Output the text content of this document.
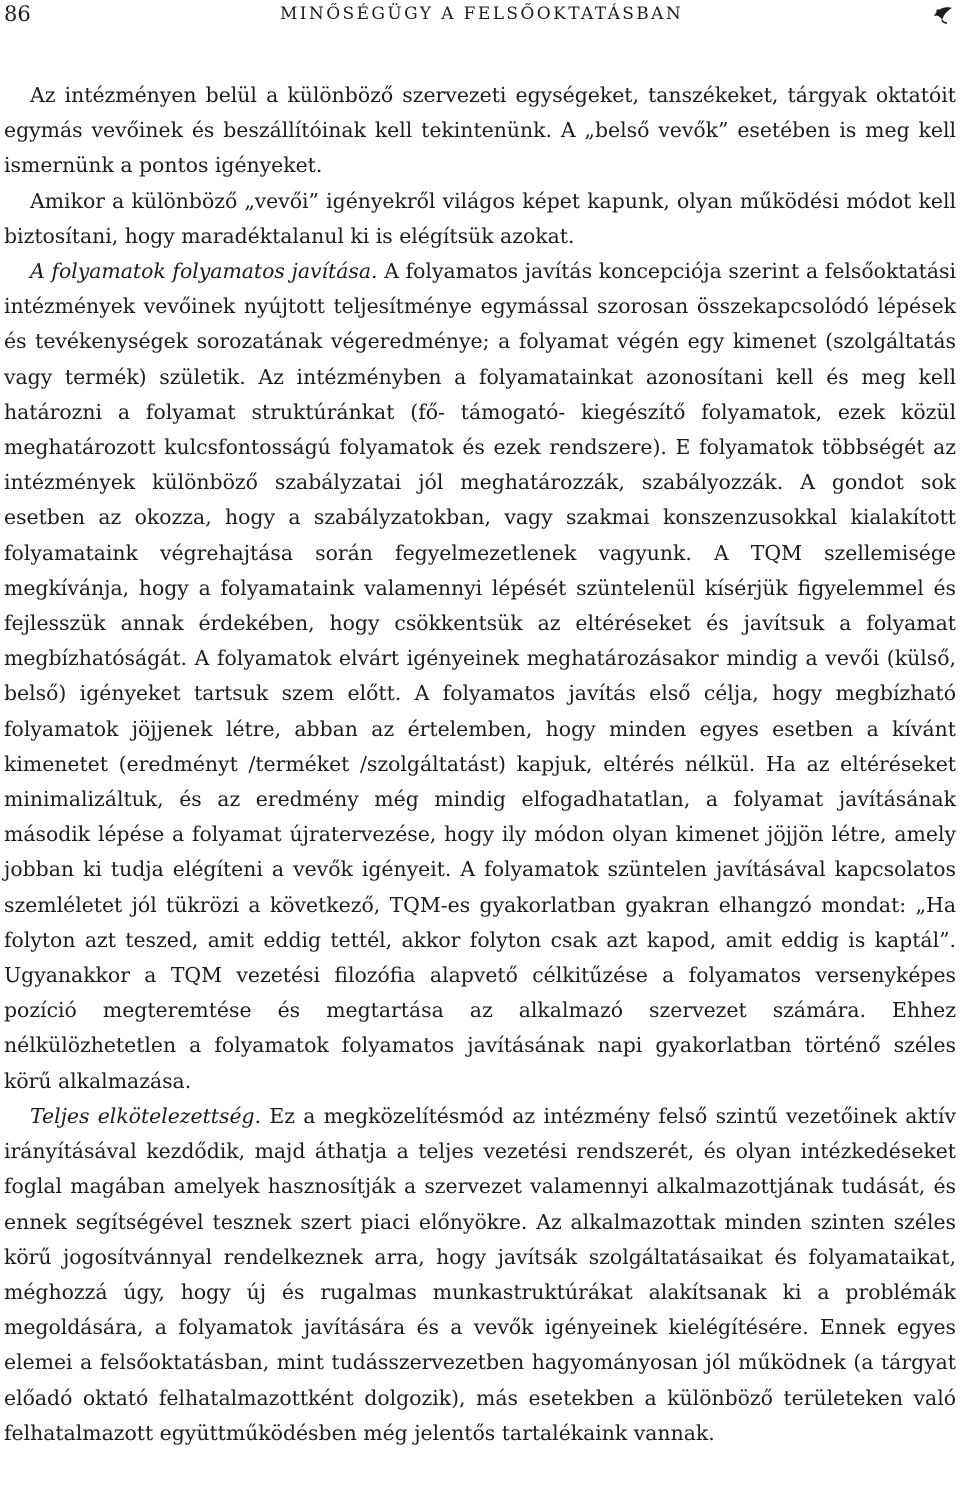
86	MINŐSÉGÜGY A FELSŐOKTATÁSBAN

Az intézményen belül a különböző szervezeti egységeket, tanszékeket, tárgyak oktatóit egymás vevőinek és beszállítóinak kell tekintenünk. A „belső vevők” esetében is meg kell ismernünk a pontos igényeket.

Amikor a különböző „vevői” igényekről világos képet kapunk, olyan működési módot kell biztosítani, hogy maradéktalanul ki is elégítsük azokat.

A folyamatok folyamatos javítása. A folyamatos javítás koncepciója szerint a felsőoktatási intézmények vevőinek nyújtott teljesítménye egymással szorosan összekapcsolódó lépések és tevékenységek sorozatának végeredménye; a folyamat végén egy kimenet (szolgáltatás vagy termék) születik. Az intézményben a folyamatainkat azonosítani kell és meg kell határozni a folyamat struktúránkat (fő- támogató- kiegészítő folyamatok, ezek közül meghatározott kulcsfontosságú folyamatok és ezek rendszere). E folyamatok többségét az intézmények különböző szabályzatai jól meghatározzák, szabályozzák. A gondot sok esetben az okozza, hogy a szabályzatokban, vagy szakmai konszenzusokkal kialakított folyamataink végrehajtása során fegyelmezetlenek vagyunk. A TQM szellemisége megkívánja, hogy a folyamataink valamennyi lépését szüntelenül kísérjük figyelemmel és fejlesszük annak érdekében, hogy csökkentsük az eltéréseket és javítsuk a folyamat megbízhatóságát. A folyamatok elvárt igényeinek meghatározásakor mindig a vevői (külső, belső) igényeket tartsuk szem előtt. A folyamatos javítás első célja, hogy megbízható folyamatok jöjjenek létre, abban az értelemben, hogy minden egyes esetben a kívánt kimenetet (eredményt /terméket /szolgáltatást) kapjuk, eltérés nélkül. Ha az eltéréseket minimalizáltuk, és az eredmény még mindig elfogadhatatlan, a folyamat javításának második lépése a folyamat újratervezése, hogy ily módon olyan kimenet jöjjön létre, amely jobban ki tudja elégíteni a vevők igényeit. A folyamatok szüntelen javításával kapcsolatos szemléletet jól tükrözi a következő, TQM-es gyakorlatban gyakran elhangzó mondat: „Ha folyton azt teszed, amit eddig tettél, akkor folyton csak azt kapod, amit eddig is kaptál”. Ugyanakkor a TQM vezetési filozófia alapvető célkitűzése a folyamatos versenyképes pozíció megteremtése és megtartása az alkalmazó szervezet számára. Ehhez nélkülözhetetlen a folyamatok folyamatos javításának napi gyakorlatban történő széles körű alkalmazása.

Teljes elkötelezettség. Ez a megközelítésmód az intézmény felső szintű vezetőinek aktív irányításával kezdődik, majd áthatja a teljes vezetési rendszerét, és olyan intézkedéseket foglal magában amelyek hasznosítják a szervezet valamennyi alkalmazottjának tudását, és ennek segítségével tesznek szert piaci előnyökre. Az alkalmazottak minden szinten széles körű jogosítvánnyal rendelkeznek arra, hogy javítsák szolgáltatásaikat és folyamataikat, méghozzá úgy, hogy új és rugalmas munkastruktúrákat alakítsanak ki a problémák megoldására, a folyamatok javítására és a vevők igényeinek kielégítésére. Ennek egyes elemei a felsőoktatásban, mint tudásszervezetben hagyományosan jól működnek (a tárgyat előadó oktató felhatalmazottként dolgozik), más esetekben a különböző területeken való felhatalmazott együttműködésben még jelentős tartalékaink vannak.
